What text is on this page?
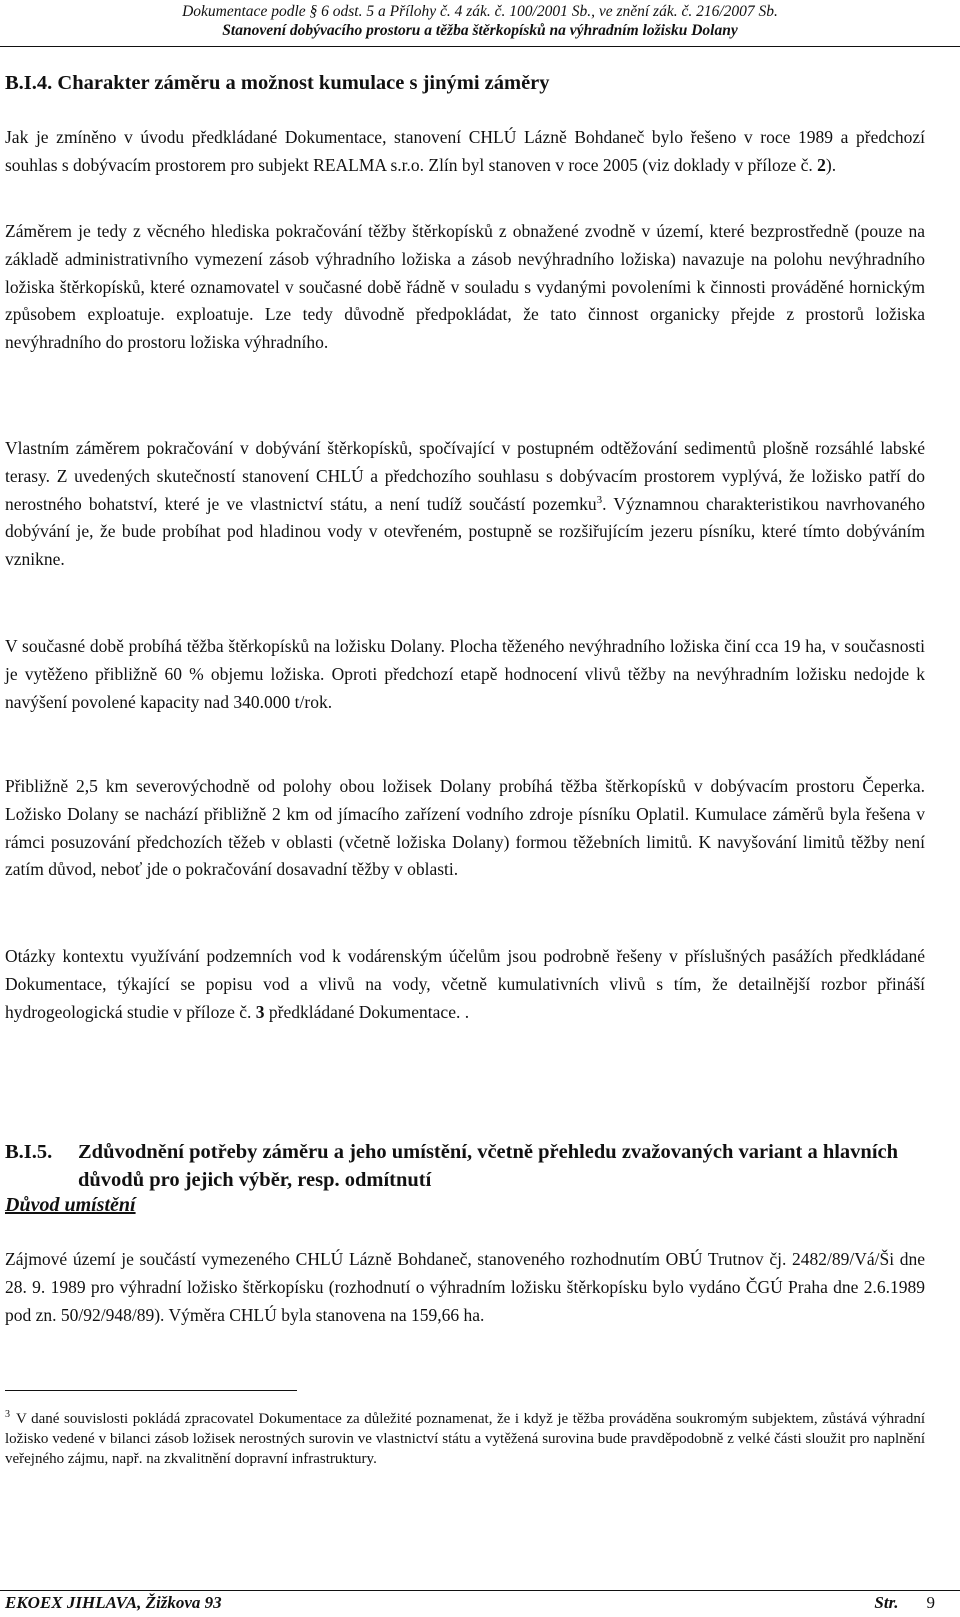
Dokumentace podle § 6 odst. 5 a Přílohy č. 4 zák. č. 100/2001 Sb., ve znění zák. č. 216/2007 Sb.
Stanovení dobývacího prostoru a těžba štěrkopísků na výhradním ložisku Dolany
B.I.4. Charakter záměru a možnost kumulace s jinými záměry
Jak je zmíněno v úvodu předkládané Dokumentace, stanovení CHLÚ Lázně Bohdaneč bylo řešeno v roce 1989 a předchozí souhlas s dobývacím prostorem pro subjekt REALMA s.r.o. Zlín byl stanoven v roce 2005 (viz doklady v příloze č. 2).
Záměrem je tedy z věcného hlediska pokračování těžby štěrkopísků z obnažené zvodně v území, které bezprostředně (pouze na základě administrativního vymezení zásob výhradního ložiska a zásob nevýhradního ložiska) navazuje na polohu nevýhradního ložiska štěrkopísků, které oznamovatel v současné době řádně v souladu s vydanými povoleními k činnosti prováděné hornickým způsobem exploatuje. exploatuje. Lze tedy důvodně předpokládat, že tato činnost organicky přejde z prostorů ložiska nevýhradního do prostoru ložiska výhradního.
Vlastním záměrem pokračování v dobývání štěrkopísků, spočívající v postupném odtěžování sedimentů plošně rozsáhlé labské terasy. Z uvedených skutečností stanovení CHLÚ a předchozího souhlasu s dobývacím prostorem vyplývá, že ložisko patří do nerostného bohatství, které je ve vlastnictví státu, a není tudíž součástí pozemku$^3$. Významnou charakteristikou navrhovaného dobývání je, že bude probíhat pod hladinou vody v otevřeném, postupně se rozšiřujícím jezeru písníku, které tímto dobýváním vznikne.
V současné době probíhá těžba štěrkopísků na ložisku Dolany. Plocha těženého nevýhradního ložiska činí cca 19 ha, v současnosti je vytěženo přibližně 60 % objemu ložiska. Oproti předchozí etapě hodnocení vlivů těžby na nevýhradním ložisku nedojde k navýšení povolené kapacity nad 340.000 t/rok.
Přibližně 2,5 km severovýchodně od polohy obou ložisek Dolany probíhá těžba štěrkopísků v dobývacím prostoru Čeperka. Ložisko Dolany se nachází přibližně 2 km od jímacího zařízení vodního zdroje písníku Oplatil. Kumulace záměrů byla řešena v rámci posuzování předchozích těžeb v oblasti (včetně ložiska Dolany) formou těžebních limitů. K navyšování limitů těžby není zatím důvod, neboť jde o pokračování dosavadní těžby v oblasti.
Otázky kontextu využívání podzemních vod k vodárenským účelům jsou podrobně řešeny v příslušných pasážích předkládané Dokumentace, týkající se popisu vod a vlivů na vody, včetně kumulativních vlivů s tím, že detailnější rozbor přináší hydrogeologická studie v příloze č. 3 předkládané Dokumentace. .
B.I.5. Zdůvodnění potřeby záměru a jeho umístění, včetně přehledu zvažovaných variant a hlavních důvodů pro jejich výběr, resp. odmítnutí
Důvod umístění
Zájmové území je součástí vymezeného CHLÚ Lázně Bohdaneč, stanoveného rozhodnutím OBÚ Trutnov čj. 2482/89/Vá/Ši dne 28. 9. 1989 pro výhradní ložisko štěrkopísku (rozhodnutí o výhradním ložisku štěrkopísku bylo vydáno ČGÚ Praha dne 2.6.1989 pod zn. 50/92/948/89). Výměra CHLÚ byla stanovena na 159,66 ha.
$^3$ V dané souvislosti pokládá zpracovatel Dokumentace za důležité poznamenat, že i když je těžba prováděna soukromým subjektem, zůstává výhradní ložisko vedené v bilanci zásob ložisek nerostných surovin ve vlastnictví státu a vytěžená surovina bude pravděpodobně z velké části sloužit pro naplnění veřejného zájmu, např. na zkvalitnění dopravní infrastruktury.
EKOEX JIHLAVA, Žižkova 93	Str. 9
